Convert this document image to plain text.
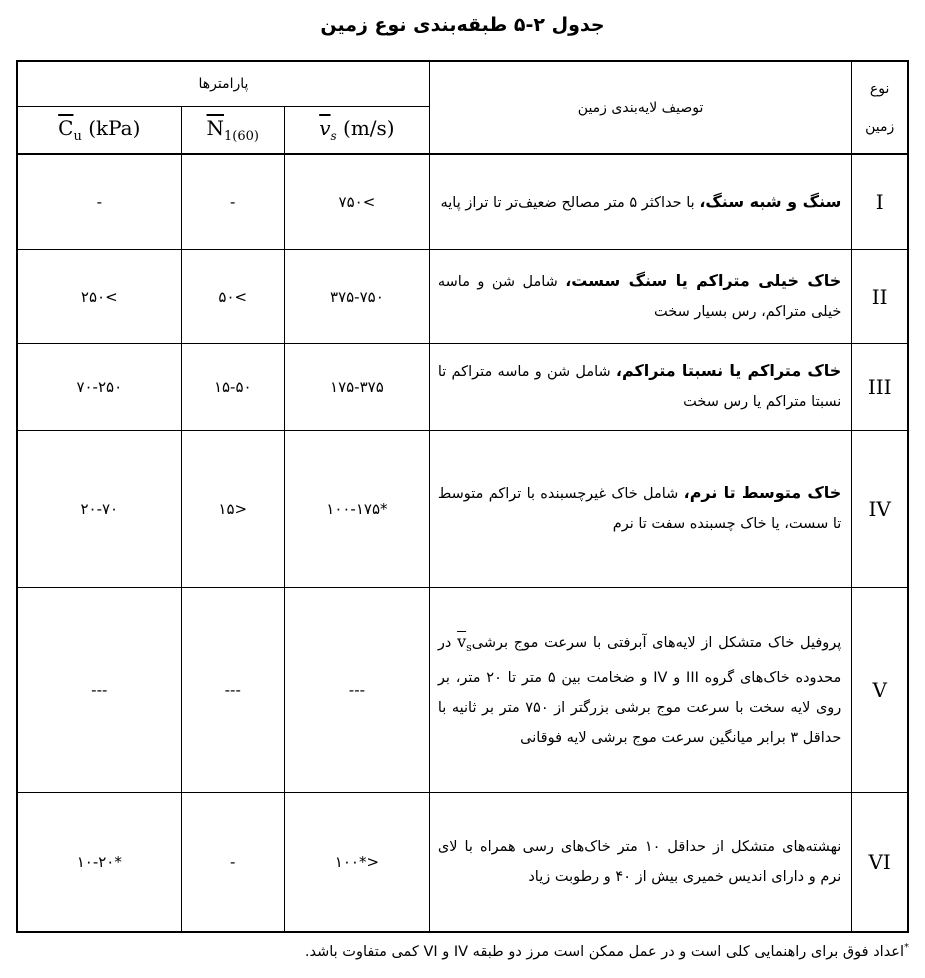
جدول ۲-۵ طبقه‌بندی نوع زمین
نوع
زمین	توصیف لایه‌بندی زمین	پارامترها		
		$\overline{v}_s$ (m/s)	$\overline{N}_{1(60)}$	$\overline{C}_u$ (kPa)
I	سنگ و شبه سنگ، با حداکثر ۵ متر مصالح ضعیف‌تر تا تراز پایه	>۷۵۰	-	-
II	خاک خیلی متراکم یا سنگ سست، شامل شن و ماسه خیلی متراکم، رس بسیار سخت	۳۷۵-۷۵۰	>۵۰	>۲۵۰
III	خاک متراکم یا نسبتا متراکم، شامل شن و ماسه متراکم تا نسبتا متراکم یا رس سخت	۱۷۵-۳۷۵	۱۵-۵۰	۷۰-۲۵۰
IV	خاک متوسط تا نرم، شامل خاک غیرچسبنده با تراکم متوسط تا سست، یا خاک چسبنده سفت تا نرم	*۱۰۰-۱۷۵	<۱۵	۲۰-۷۰
V	پروفیل خاک متشکل از لایه‌های آبرفتی با سرعت موج $برشی\overline{v}_s$ در محدوده خاک‌های گروه III و IV و ضخامت بین ۵ متر تا ۲۰ متر، بر روی لایه سخت با سرعت موج برشی بزرگتر از ۷۵۰ متر بر ثانیه با حداقل ۳ برابر میانگین سرعت موج برشی لایه فوقانی	---	---	---
VI	نهشته‌های متشکل از حداقل ۱۰ متر خاک‌های رسی همراه با لای نرم و دارای اندیس خمیری بیش از ۴۰ و رطوبت زیاد	<*۱۰۰	-	*۱۰-۲۰
*اعداد فوق برای راهنمایی کلی است و در عمل ممکن است مرز دو طبقه IV و VI کمی متفاوت باشد.
